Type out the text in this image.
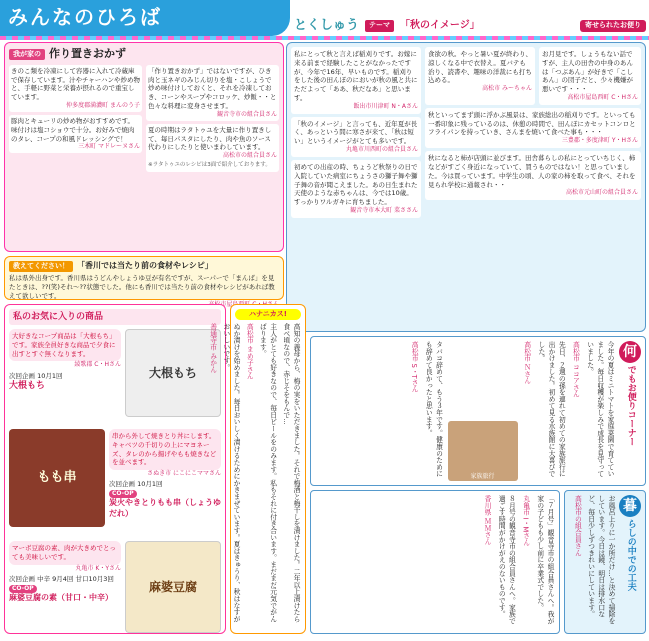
みんなのひろば
我が家の 作り置きおかず
きのこ類を冷凍にして容器に入れて冷蔵庫で保存しています。汁やチャーハンや炒め物と、手軽に野菜と栄養が摂れるので重宝しています。
仲多度郡満濃町 まんのう子
豚肉とキューリの炒め物がおすすめです。味付けは塩コショウで十分。お好みで焼肉のタレ、コープの和風ドレッシングで！
三木町 マドレーヌさん
「作り置きおかず」ではないですが、ひき肉と玉ネギのみじん切りを塩・こしょうで炒め味付けしておくと、それを冷凍しておき、コーンやスープやコロッケ、炒飯・・と色々な料理に変身させます。
観音寺市の組合員さん
夏の時期はラタトゥユを大量に作り置きして、毎日パスタにしたり、肉や魚のソース代わりにしたりと使いまわしています。
高松市の組合員さん
※ラタトゥユのレシピは3面で紹介しております。
教えてください！	「香川では当たり前の食材やレシピ」
私は県外出身です。香川県はうどんやしょうゆ豆が有名ですが、スーパーで「まんば」を見たときは、??(笑)それ～??状態でした。他にも香川では当たり前の食材やレシピがあれば教えて欲しいです。
高松市屋島西町
とくしゅう	テーマ	「秋のイメージ」	寄せられたお便り
私にとって秋と言えば稲刈りです。お嫁に来る前まで経験したことがなかったですが、今年で16年、早いものです。稲刈りをした後の田んぼのにおいが秋の風と共にただよって「ああ、秋だなあ」と思います。
飯出市川津町 N・Aさん
「秋のイメージ」と言っても、近年夏が長く、あっという間に寒さが来て、「秋は短い」というイメージがとても多いです。
丸亀市川西町の組合員さん
初めての出産の時、ちょうど秋祭りの日で入院していた病室にちょうさの獅子舞や獅子舞の音が聞こえました。あの日生まれた天使のような赤ちゃんは、今では10歳。すっかりワルガキに育ちました。
観音寺市本大町 菜ささん
食欲の秋。やっと暑い夏が終わり、涼しくなる中で衣替え。夏バテも治り、読書や、趣味の洋裁にも打ち込める。
高松市 みーちゃん
お月見です。しょうもない話ですが、主人の田舎の中身のあんは「つぶあん」が好きで「こしあん」の団子だと、少々機嫌が悪いです・・・
高松市屋島西町 C・Hさん
秋といってまず頭に浮かぶ風景は、家族総出の稲刈りです。といっても一番印象に残っているのは、休憩の時間で、田んぼにカセットコンロとフライパンを持っていき、さんまを焼いて食べた事も・・・
三豊郡・多度津町 Y・Hさん
秋になると柿が店頭に並びます。田舎暮らしの私にとっていちじく、柿などがすごく身近になっていて、買うものではない！と思っていました。今は買っています。中学生の頃、人の家の柿を取って食べ、それを見られ学校に通報され・・
高松市元山町の組合員さん
私のお気に入りの商品
大好きなコープ商品は「大根もち」です。家族全員好きな商品で夕食に出すとすぐ無くなります。
綾歌郡 C・Hさん
次回企画 10月1回
大根もち
大根もち
もも串
串から外して焼きとり丼にします。キャベツの千切りの上にマヨネーズ、タレのから揚げやもも焼きなどを並べます。
さぬき市 にこにこママさん
次回企画 10月1回
CO-OP
炭火やきとりもも串（しょうゆだれ）
マーボ豆腐の素、肉が大きめでとっても美味しいです。
丸亀市 K・Yさん
次回企画 中辛 9月4回 甘口10月3回
CO-OP
麻婆豆腐の素（甘口・中辛）
麻婆豆腐
ハナニカス!
高知の義母から、梅の実をいただきました。それで梅酒と梅干しを漬けました。二年以上漬けたら食べ頃なので、赤じそをもんで...
主人がとても好きなので、毎日ビールをのみます。私もそれに付き合います。まだまだ元気でがんばります。
高松市 まめ子さん
ぬか漬けを始めました。毎日おいしく漬けるためにかきまぜています。夏はきゅうり、秋はなすがおいしいです。
善通寺市 みかん	何
でもお便りコーナー
今年の夏はミニトマトを家庭菜園で育てていました。毎日収穫が楽しみで成長を見守っていました。
高松市 ココアさん
先日、２週の孫を連れて初めての家族旅行に出かけました。初めて見る水族館に大喜びでした。
高松市 Ｎさん
家族旅行
タバコ辞めて、もう３年です。健康のためにも辞めて良かったと思います。
高松市 S・Tさん
「７月号」観音寺市の組合員さんへ。我が家の子どもも少し前に卒業式でした。
丸亀市 I・Mさん
８月号の観音寺市の組合員さんへ。家族で過ごす時間がかけがえのないものです。
香川県 ＭＭさん	暮
らしの中での工夫
お風呂上りに一か所だけ…と決めて掃除をしています。今日は鏡、明日は排水口など、毎日少しずつきれいにしています。
高松市の組合員さん
